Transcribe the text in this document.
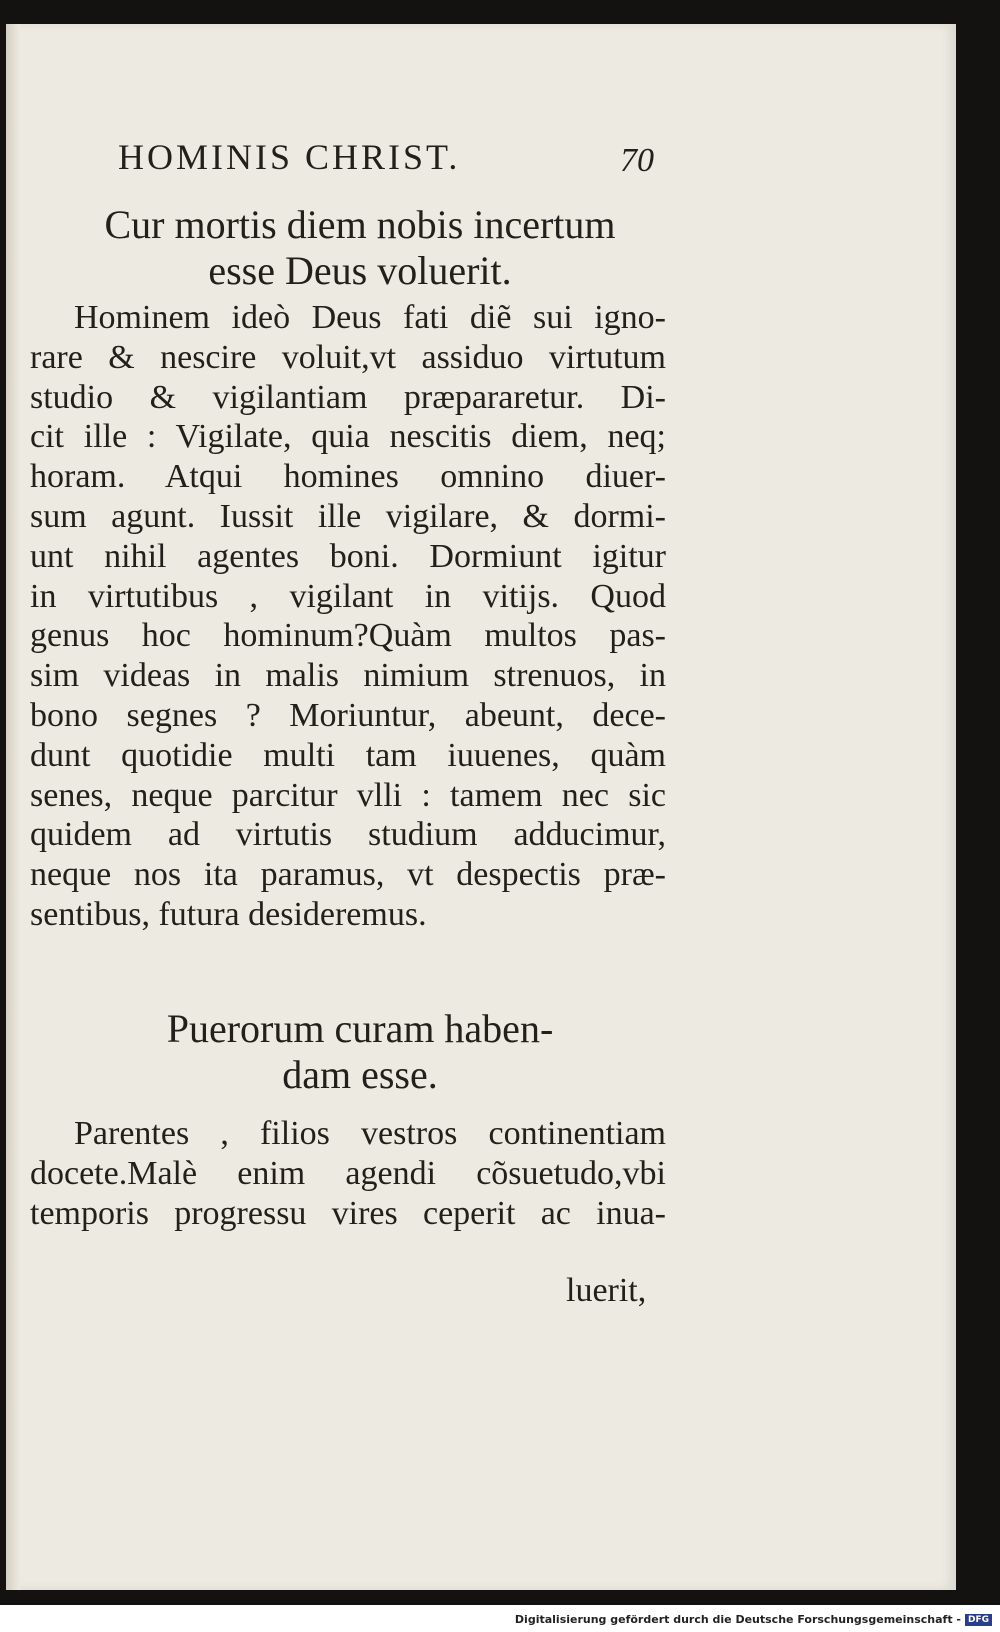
HOMINIS CHRIST.	70
Cur mortis diem nobis incertum
esse Deus voluerit.
Hominem ideò Deus fati diẽ sui igno-
rare & nescire voluit,vt assiduo virtutum
studio & vigilantiam præpararetur. Di-
cit ille : Vigilate, quia nescitis diem, neq;
horam. Atqui homines omnino diuer-
sum agunt. Iussit ille vigilare, & dormi-
unt nihil agentes boni. Dormiunt igitur
in virtutibus , vigilant in vitijs. Quod
genus hoc hominum?Quàm multos pas-
sim videas in malis nimium strenuos, in
bono segnes ? Moriuntur, abeunt, dece-
dunt quotidie multi tam iuuenes, quàm
senes, neque parcitur vlli : tamem nec sic
quidem ad virtutis studium adducimur,
neque nos ita paramus, vt despectis præ-
sentibus, futura desideremus.
Puerorum curam haben-
dam esse.
Parentes , filios vestros continentiam
docete.Malè enim agendi cõsuetudo,vbi
temporis progressu vires ceperit ac inua-
luerit,
Digitalisierung gefördert durch die Deutsche Forschungsgemeinschaft - DFG
